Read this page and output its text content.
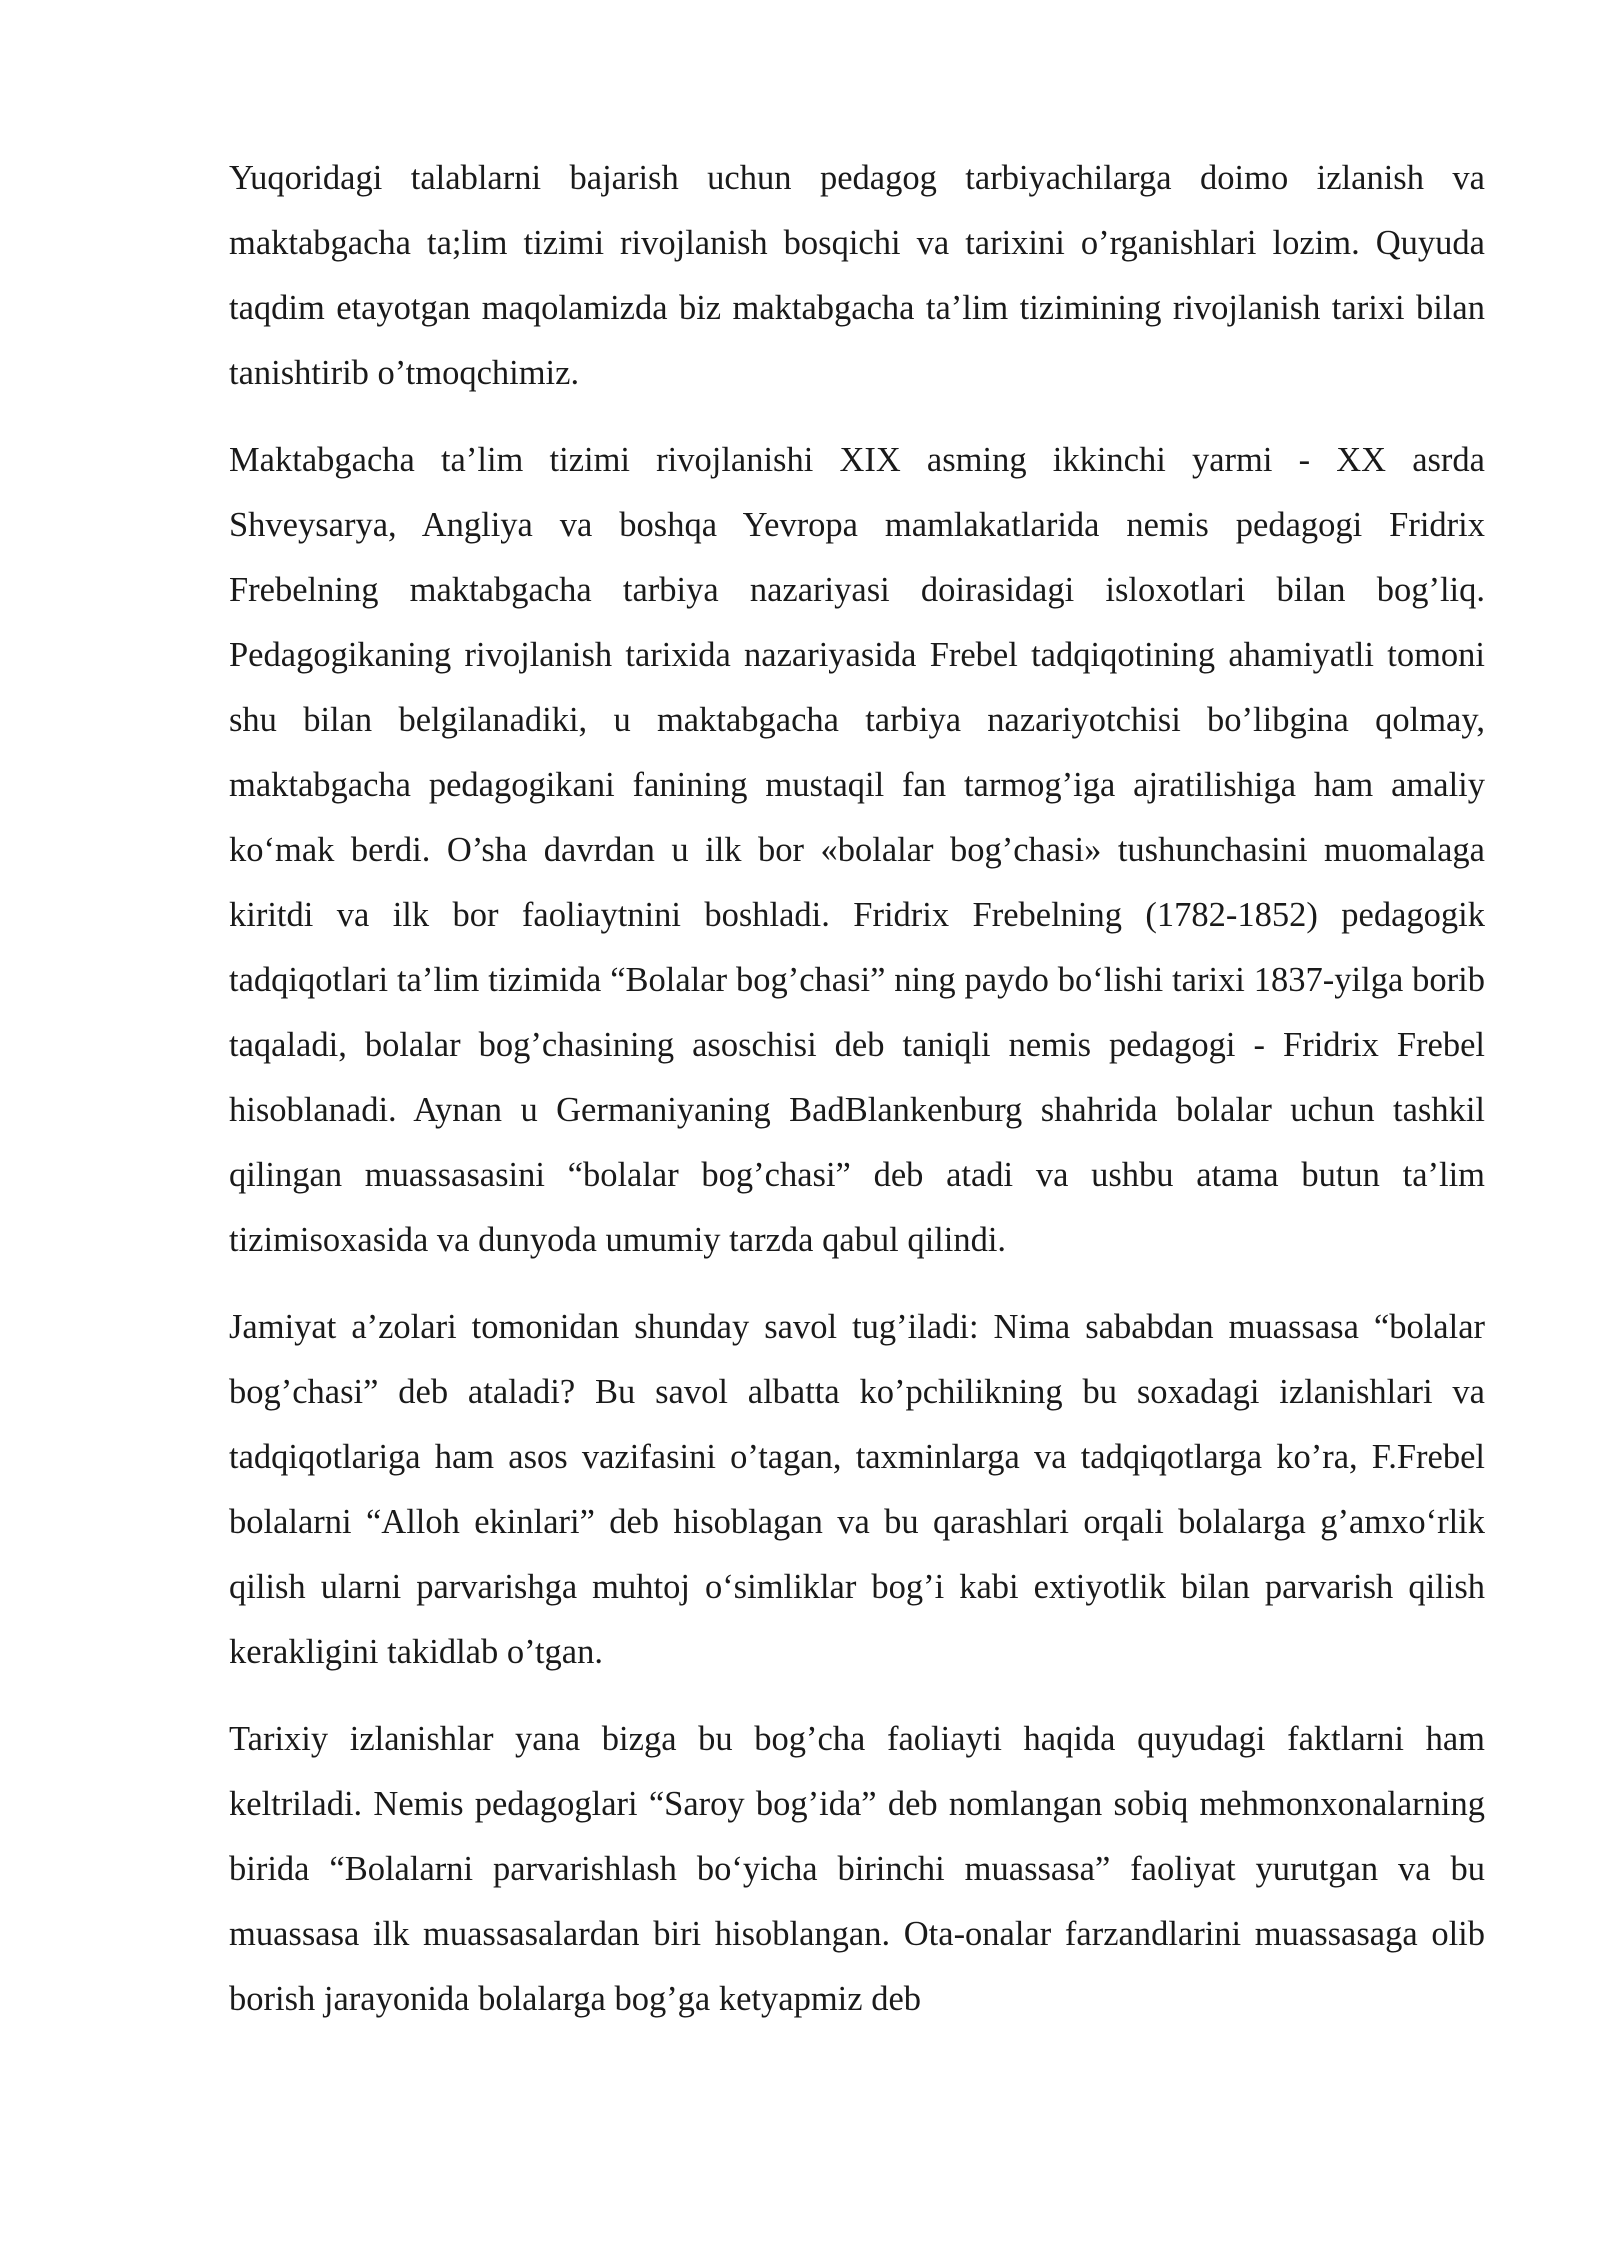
Yuqoridagi talablarni bajarish uchun pedagog tarbiyachilarga doimo izlanish va maktabgacha ta;lim tizimi rivojlanish bosqichi va tarixini o’rganishlari lozim. Quyuda taqdim etayotgan maqolamizda biz maktabgacha ta’lim tizimining rivojlanish tarixi bilan tanishtirib o’tmoqchimiz.

Maktabgacha ta’lim tizimi rivojlanishi XIX asming ikkinchi yarmi - XX asrda Shveysarya, Angliya va boshqa Yevropa mamlakatlarida nemis pedagogi Fridrix Frebelning maktabgacha tarbiya nazariyasi doirasidagi isloxotlari bilan bog’liq. Pedagogikaning rivojlanish tarixida nazariyasida Frebel tadqiqotining ahamiyatli tomoni shu bilan belgilanadiki, u maktabgacha tarbiya nazariyotchisi bo’libgina qolmay, maktabgacha pedagogikani fanining mustaqil fan tarmog’iga ajratilishiga ham amaliy ko‘mak berdi. O’sha davrdan u ilk bor «bolalar bog’chasi» tushunchasini muomalaga kiritdi va ilk bor faoliaytnini boshladi. Fridrix Frebelning (1782-1852) pedagogik tadqiqotlari ta’lim tizimida “Bolalar bog’chasi” ning paydo bo‘lishi tarixi 1837-yilga borib taqaladi, bolalar bog’chasining asoschisi deb taniqli nemis pedagogi - Fridrix Frebel hisoblanadi. Aynan u Germaniyaning BadBlankenburg shahrida bolalar uchun tashkil qilingan muassasasini “bolalar bog’chasi” deb atadi va ushbu atama butun ta’lim tizimisoxasida va dunyoda umumiy tarzda qabul qilindi.

Jamiyat a’zolari tomonidan shunday savol tug’iladi: Nima sababdan muassasa “bolalar bog’chasi” deb ataladi? Bu savol albatta ko’pchilikning bu soxadagi izlanishlari va tadqiqotlariga ham asos vazifasini o’tagan, taxminlarga va tadqiqotlarga ko’ra, F.Frebel bolalarni “Alloh ekinlari” deb hisoblagan va bu qarashlari orqali bolalarga g’amxo‘rlik qilish ularni parvarishga muhtoj o‘simliklar bog’i kabi extiyotlik bilan parvarish qilish kerakligini takidlab o’tgan.

Tarixiy izlanishlar yana bizga bu bog’cha faoliayti haqida quyudagi faktlarni ham keltriladi. Nemis pedagoglari “Saroy bog’ida” deb nomlangan sobiq mehmonxonalarning birida “Bolalarni parvarishlash bo‘yicha birinchi muassasa” faoliyat yurutgan va bu muassasa ilk muassasalardan biri hisoblangan. Ota-onalar farzandlarini muassasaga olib borish jarayonida bolalarga bog’ga ketyapmiz deb
